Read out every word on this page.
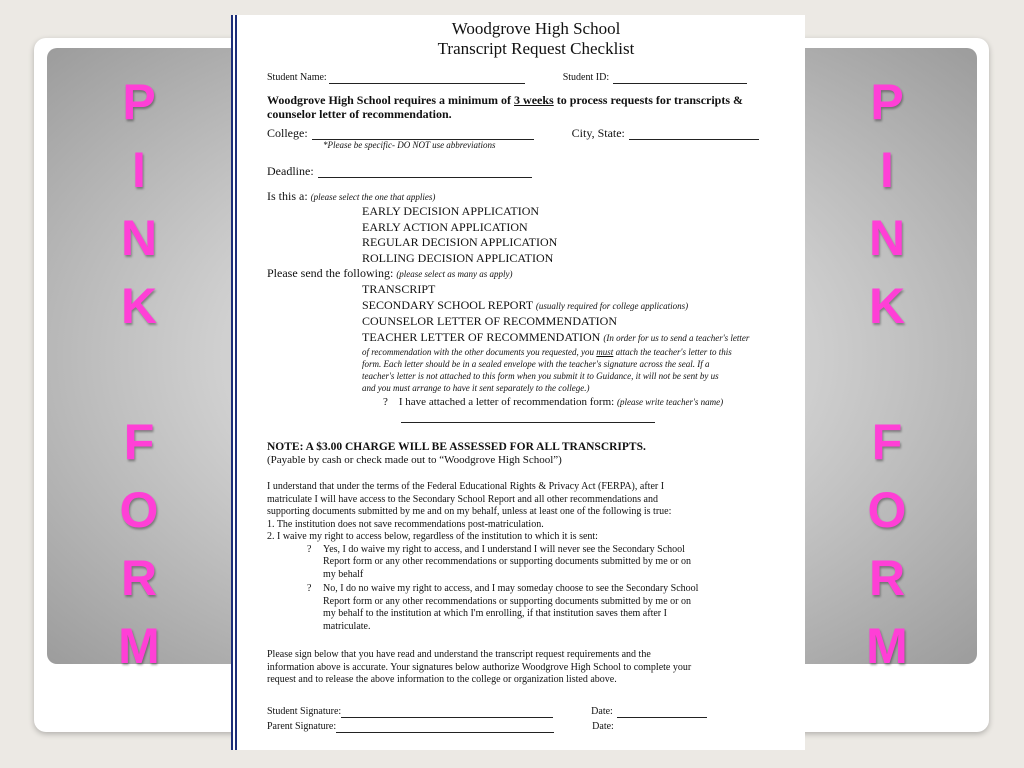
P
I
N
K
F
O
R
M
P
I
N
K
F
O
R
M
Woodgrove High School
Transcript Request Checklist
Student Name:	Student ID:
Woodgrove High School requires a minimum of 3 weeks to process requests for transcripts & counselor letter of recommendation.
College:	City, State:
*Please be specific- DO NOT use abbreviations
Deadline:
Is this a: (please select the one that applies)
EARLY DECISION APPLICATION
EARLY ACTION APPLICATION
REGULAR DECISION APPLICATION
ROLLING DECISION APPLICATION
Please send the following: (please select as many as apply)
TRANSCRIPT
SECONDARY SCHOOL REPORT (usually required for college applications)
COUNSELOR LETTER OF RECOMMENDATION
TEACHER LETTER OF RECOMMENDATION (In order for us to send a teacher's letter
of recommendation with the other documents you requested, you must attach the teacher's letter to this
form. Each letter should be in a sealed envelope with the teacher's signature across the seal. If a
teacher's letter is not attached to this form when you submit it to Guidance, it will not be sent by us
and you must arrange to have it sent separately to the college.)
? I have attached a letter of recommendation form: (please write teacher's name)
NOTE: A $3.00 CHARGE WILL BE ASSESSED FOR ALL TRANSCRIPTS.
(Payable by cash or check made out to “Woodgrove High School”)
I understand that under the terms of the Federal Educational Rights & Privacy Act (FERPA), after I
matriculate I will have access to the Secondary School Report and all other recommendations and
supporting documents submitted by me and on my behalf, unless at least one of the following is true:
1. The institution does not save recommendations post-matriculation.
2. I waive my right to access below, regardless of the institution to which it is sent:
?	Yes, I do waive my right to access, and I understand I will never see the Secondary School
Report form or any other recommendations or supporting documents submitted by me or on
my behalf
?	No, I do no waive my right to access, and I may someday choose to see the Secondary School
Report form or any other recommendations or supporting documents submitted by me or on
my behalf to the institution at which I'm enrolling, if that institution saves them after I
matriculate.
Please sign below that you have read and understand the transcript request requirements and the
information above is accurate. Your signatures below authorize Woodgrove High School to complete your
request and to release the above information to the college or organization listed above.
Student Signature:	Date:
Parent Signature:	Date:
